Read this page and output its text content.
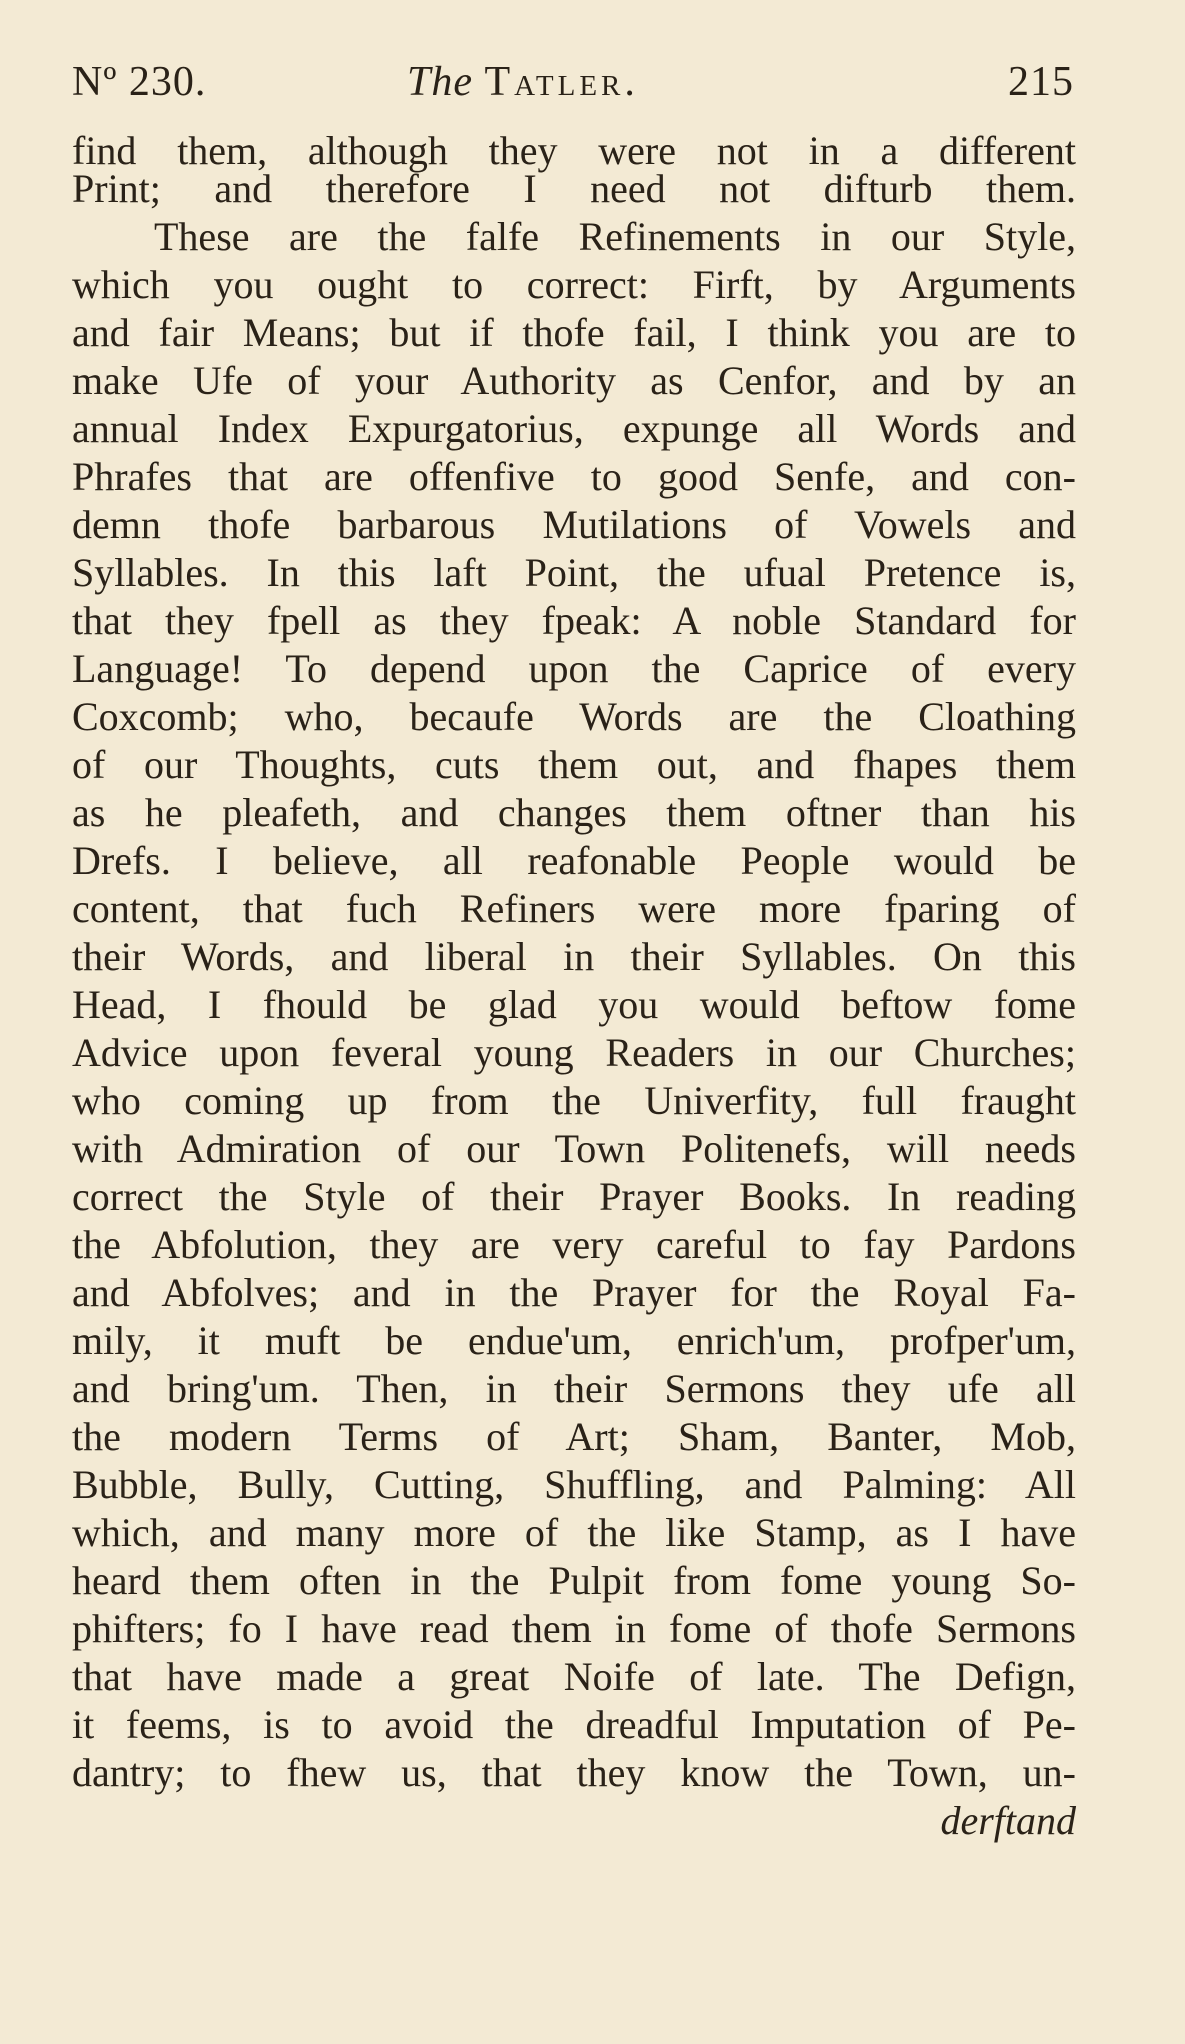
Nº 230.	The Tatler.	215
find them, although they were not in a different
Print; and therefore I need not difturb them.
These are the falfe Refinements in our Style,
which you ought to correct: Firft, by Arguments
and fair Means; but if thofe fail, I think you are to
make Ufe of your Authority as Cenfor, and by an
annual Index Expurgatorius, expunge all Words and
Phrafes that are offenfive to good Senfe, and con-
demn thofe barbarous Mutilations of Vowels and
Syllables. In this laft Point, the ufual Pretence is,
that they fpell as they fpeak: A noble Standard for
Language! To depend upon the Caprice of every
Coxcomb; who, becaufe Words are the Cloathing
of our Thoughts, cuts them out, and fhapes them
as he pleafeth, and changes them oftner than his
Drefs. I believe, all reafonable People would be
content, that fuch Refiners were more fparing of
their Words, and liberal in their Syllables. On this
Head, I fhould be glad you would beftow fome
Advice upon feveral young Readers in our Churches;
who coming up from the Univerfity, full fraught
with Admiration of our Town Politenefs, will needs
correct the Style of their Prayer Books. In reading
the Abfolution, they are very careful to fay Pardons
and Abfolves; and in the Prayer for the Royal Fa-
mily, it muft be endue'um, enrich'um, profper'um,
and bring'um. Then, in their Sermons they ufe all
the modern Terms of Art; Sham, Banter, Mob,
Bubble, Bully, Cutting, Shuffling, and Palming: All
which, and many more of the like Stamp, as I have
heard them often in the Pulpit from fome young So-
phifters; fo I have read them in fome of thofe Sermons
that have made a great Noife of late. The Defign,
it feems, is to avoid the dreadful Imputation of Pe-
dantry; to fhew us, that they know the Town, un-
derftand
